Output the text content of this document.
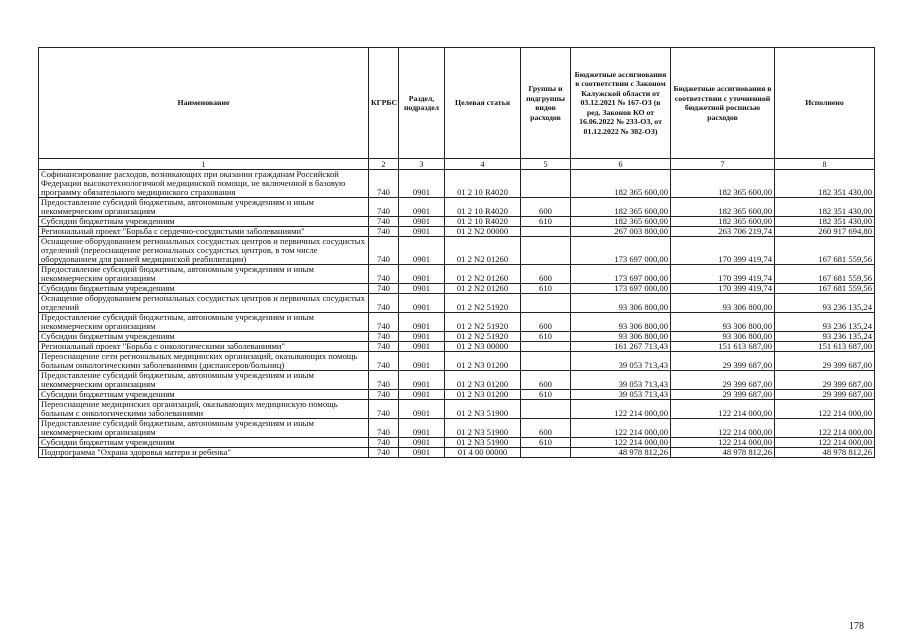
Наименование	КГРБС	Раздел, подраздел	Целевая статья	Группы и подгруппы видов расходов	Бюджетные ассигнования в соответствии с Законом Калужской области от 03.12.2021 № 167-ОЗ (в ред. Законов КО от 16.06.2022 № 233-ОЗ, от 01.12.2022 № 302-ОЗ)	Бюджетные ассигнования в соответствии с уточненной бюджетной росписью расходов	Исполнено
1	2	3	4	5	6	7	8
Софинансирование расходов, возникающих при оказании гражданам Российской Федерации высокотехнологичной медицинской помощи, не включенной в базовую программу обязательного медицинского страхования	740	0901	01 2 10 R4020		182 365 600,00	182 365 600,00	182 351 430,00
Предоставление субсидий бюджетным, автономным учреждениям и иным некоммерческим организациям	740	0901	01 2 10 R4020	600	182 365 600,00	182 365 600,00	182 351 430,00
Субсидии бюджетным учреждениям	740	0901	01 2 10 R4020	610	182 365 600,00	182 365 600,00	182 351 430,00
Региональный проект "Борьба с сердечно-сосудистыми заболеваниями"	740	0901	01 2 N2 00000		267 003 800,00	263 706 219,74	260 917 694,80
Оснащение оборудованием региональных сосудистых центров и первичных сосудистых отделений (переоснащение региональных сосудистых центров, в том числе оборудованием для ранней медицинской реабилитации)	740	0901	01 2 N2 01260		173 697 000,00	170 399 419,74	167 681 559,56
Предоставление субсидий бюджетным, автономным учреждениям и иным некоммерческим организациям	740	0901	01 2 N2 01260	600	173 697 000,00	170 399 419,74	167 681 559,56
Субсидии бюджетным учреждениям	740	0901	01 2 N2 01260	610	173 697 000,00	170 399 419,74	167 681 559,56
Оснащение оборудованием региональных сосудистых центров и первичных сосудистых отделений	740	0901	01 2 N2 51920		93 306 800,00	93 306 800,00	93 236 135,24
Предоставление субсидий бюджетным, автономным учреждениям и иным некоммерческим организациям	740	0901	01 2 N2 51920	600	93 306 800,00	93 306 800,00	93 236 135,24
Субсидии бюджетным учреждениям	740	0901	01 2 N2 51920	610	93 306 800,00	93 306 800,00	93 236 135,24
Региональный проект "Борьба с онкологическими заболеваниями"	740	0901	01 2 N3 00000		161 267 713,43	151 613 687,00	151 613 687,00
Переоснащение сети региональных медицинских организаций, оказывающих помощь больным онкологическими заболеваниями (диспансеров/больниц)	740	0901	01 2 N3 01200		39 053 713,43	29 399 687,00	29 399 687,00
Предоставление субсидий бюджетным, автономным учреждениям и иным некоммерческим организациям	740	0901	01 2 N3 01200	600	39 053 713,43	29 399 687,00	29 399 687,00
Субсидии бюджетным учреждениям	740	0901	01 2 N3 01200	610	39 053 713,43	29 399 687,00	29 399 687,00
Переоснащение медицинских организаций, оказывающих медицинскую помощь больным с онкологическими заболеваниями	740	0901	01 2 N3 51900		122 214 000,00	122 214 000,00	122 214 000,00
Предоставление субсидий бюджетным, автономным учреждениям и иным некоммерческим организациям	740	0901	01 2 N3 51900	600	122 214 000,00	122 214 000,00	122 214 000,00
Субсидии бюджетным учреждениям	740	0901	01 2 N3 51900	610	122 214 000,00	122 214 000,00	122 214 000,00
Подпрограмма "Охрана здоровья матери и ребенка"	740	0901	01 4 00 00000		48 978 812,26	48 978 812,26	48 978 812,26
178
